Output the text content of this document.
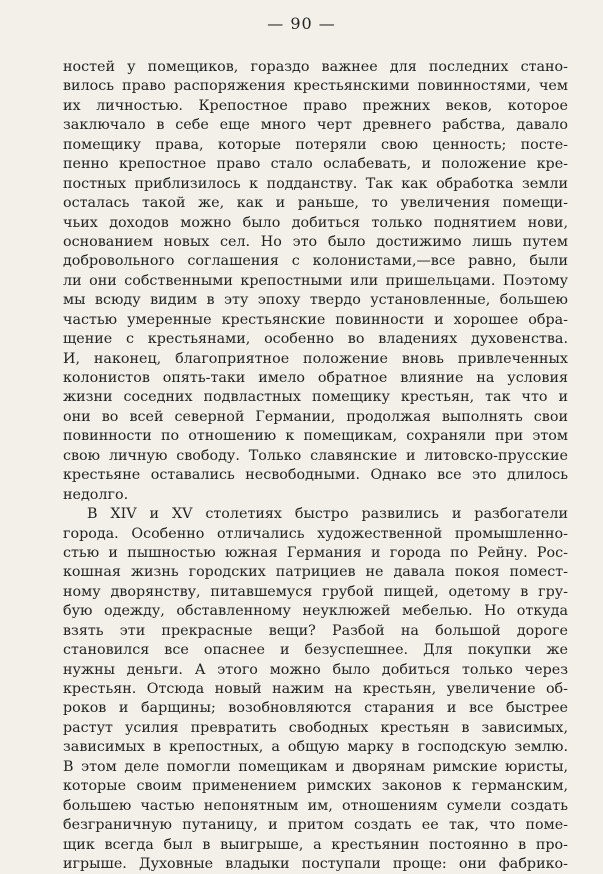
— 90 —
ностей у помещиков, гораздо важнее для последних стано-
вилось право распоряжения крестьянскими повинностями, чем
их личностью. Крепостное право прежних веков, которое
заключало в себе еще много черт древнего рабства, давало
помещику права, которые потеряли свою ценность; посте-
пенно крепостное право стало ослабевать, и положение кре-
постных приблизилось к подданству. Так как обработка земли
осталась такой же, как и раньше, то увеличения помещи-
чьих доходов можно было добиться только поднятием нови,
основанием новых сел. Но это было достижимо лишь путем
добровольного соглашения с колонистами,—все равно, были
ли они собственными крепостными или пришельцами. Поэтому
мы всюду видим в эту эпоху твердо установленные, большею
частью умеренные крестьянские повинности и хорошее обра-
щение с крестьянами, особенно во владениях духовенства.
И, наконец, благоприятное положение вновь привлеченных
колонистов опять-таки имело обратное влияние на условия
жизни соседних подвластных помещику крестьян, так что и
они во всей северной Германии, продолжая выполнять свои
повинности по отношению к помещикам, сохраняли при этом
свою личную свободу. Только славянские и литовско-прусские
крестьяне оставались несвободными. Однако все это длилось
недолго.
В XIV и XV столетиях быстро развились и разбогатели
города. Особенно отличались художественной промышленно-
стью и пышностью южная Германия и города по Рейну. Рос-
кошная жизнь городских патрициев не давала покоя помест-
ному дворянству, питавшемуся грубой пищей, одетому в гру-
бую одежду, обставленному неуклюжей мебелью. Но откуда
взять эти прекрасные вещи? Разбой на большой дороге
становился все опаснее и безуспешнее. Для покупки же
нужны деньги. А этого можно было добиться только через
крестьян. Отсюда новый нажим на крестьян, увеличение об-
роков и барщины; возобновляются старания и все быстрее
растут усилия превратить свободных крестьян в зависимых,
зависимых в крепостных, а общую марку в господскую землю.
В этом деле помогли помещикам и дворянам римские юристы,
которые своим применением римских законов к германским,
большею частью непонятным им, отношениям сумели создать
безграничную путаницу, и притом создать ее так, что поме-
щик всегда был в выигрыше, а крестьянин постоянно в про-
игрыше. Духовные владыки поступали проще: они фабрико-
